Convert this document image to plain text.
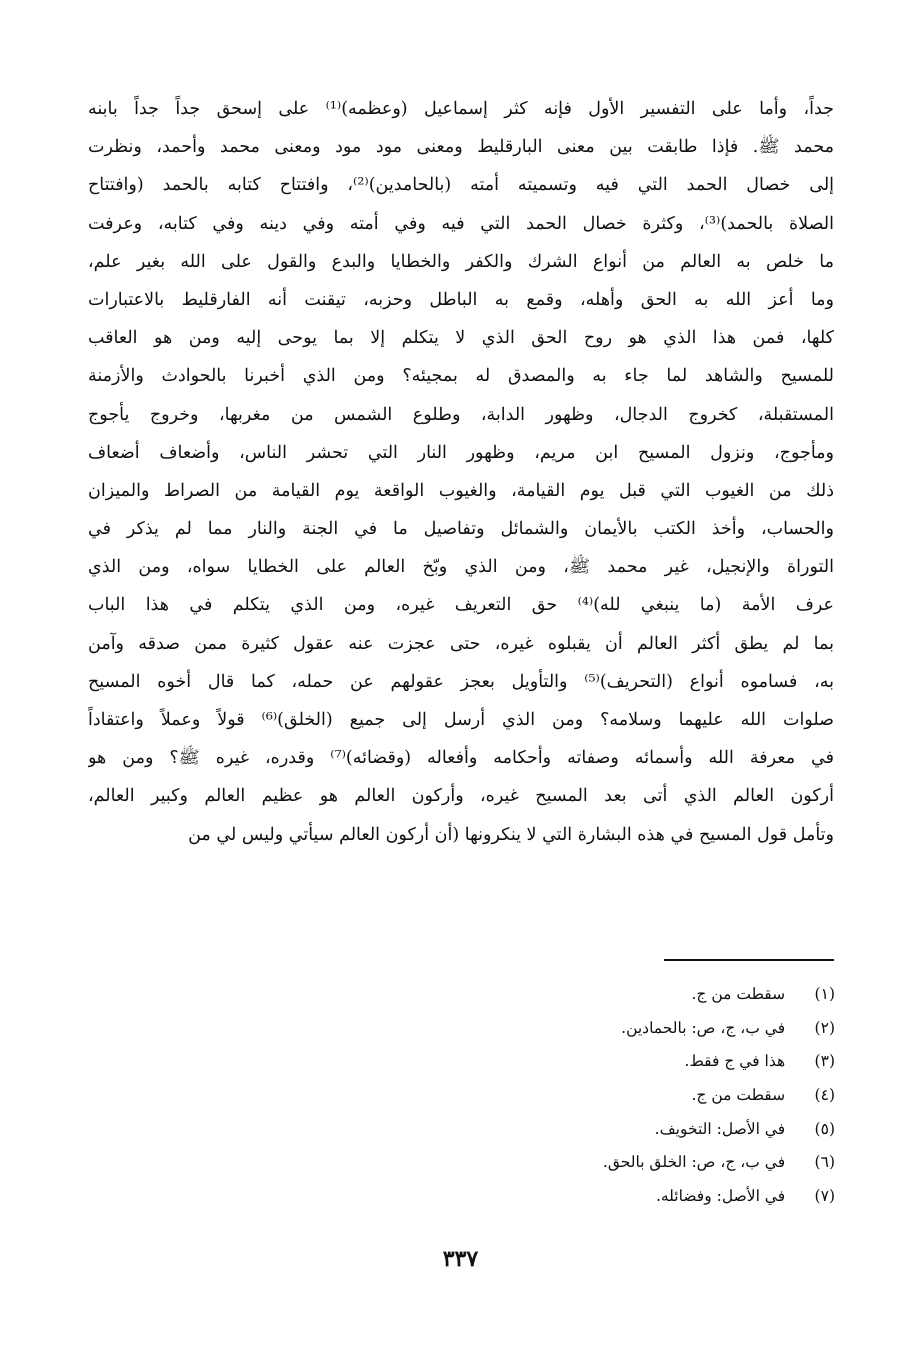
جداً، وأما على التفسير الأول فإنه كثر إسماعيل (وعظمه)⁽¹⁾ على إسحق جداً جداً بابنه
محمد ﷺ. فإذا طابقت بين معنى البارقليط ومعنى مود مود ومعنى محمد وأحمد، ونظرت
إلى خصال الحمد التي فيه وتسميته أمته (بالحامدين)⁽²⁾، وافتتاح كتابه بالحمد (وافتتاح
الصلاة بالحمد)⁽³⁾، وكثرة خصال الحمد التي فيه وفي أمته وفي دينه وفي كتابه، وعرفت
ما خلص به العالم من أنواع الشرك والكفر والخطايا والبدع والقول على الله بغير علم،
وما أعز الله به الحق وأهله، وقمع به الباطل وحزبه، تيقنت أنه الفارقليط بالاعتبارات
كلها، فمن هذا الذي هو روح الحق الذي لا يتكلم إلا بما يوحى إليه ومن هو العاقب
للمسيح والشاهد لما جاء به والمصدق له بمجيئه؟ ومن الذي أخبرنا بالحوادث والأزمنة
المستقبلة، كخروج الدجال، وظهور الدابة، وطلوع الشمس من مغربها، وخروج يأجوج
ومأجوج، ونزول المسيح ابن مريم، وظهور النار التي تحشر الناس، وأضعاف أضعاف
ذلك من الغيوب التي قبل يوم القيامة، والغيوب الواقعة يوم القيامة من الصراط والميزان
والحساب، وأخذ الكتب بالأيمان والشمائل وتفاصيل ما في الجنة والنار مما لم يذكر في
التوراة والإنجيل، غير محمد ﷺ، ومن الذي وبّخ العالم على الخطايا سواه، ومن الذي
عرف الأمة (ما ينبغي لله)⁽⁴⁾ حق التعريف غيره، ومن الذي يتكلم في هذا الباب
بما لم يطق أكثر العالم أن يقبلوه غيره، حتى عجزت عنه عقول كثيرة ممن صدقه وآمن
به، فساموه أنواع (التحريف)⁽⁵⁾ والتأويل بعجز عقولهم عن حمله، كما قال أخوه المسيح
صلوات الله عليهما وسلامه؟ ومن الذي أرسل إلى جميع (الخلق)⁽⁶⁾ قولاً وعملاً واعتقاداً
في معرفة الله وأسمائه وصفاته وأحكامه وأفعاله (وقضائه)⁽⁷⁾ وقدره، غيره ﷺ؟ ومن هو
أركون العالم الذي أتى بعد المسيح غيره، وأركون العالم هو عظيم العالم وكبير العالم،
وتأمل قول المسيح في هذه البشارة التي لا ينكرونها (أن أركون العالم سيأتي وليس لي من
(١)  سقطت من ج.
(٢)  في ب، ج، ص: بالحمادين.
(٣)  هذا في ج فقط.
(٤)  سقطت من ج.
(٥)  في الأصل: التخويف.
(٦)  في ب، ج، ص: الخلق بالحق.
(٧)  في الأصل: وفضائله.
٣٣٧
